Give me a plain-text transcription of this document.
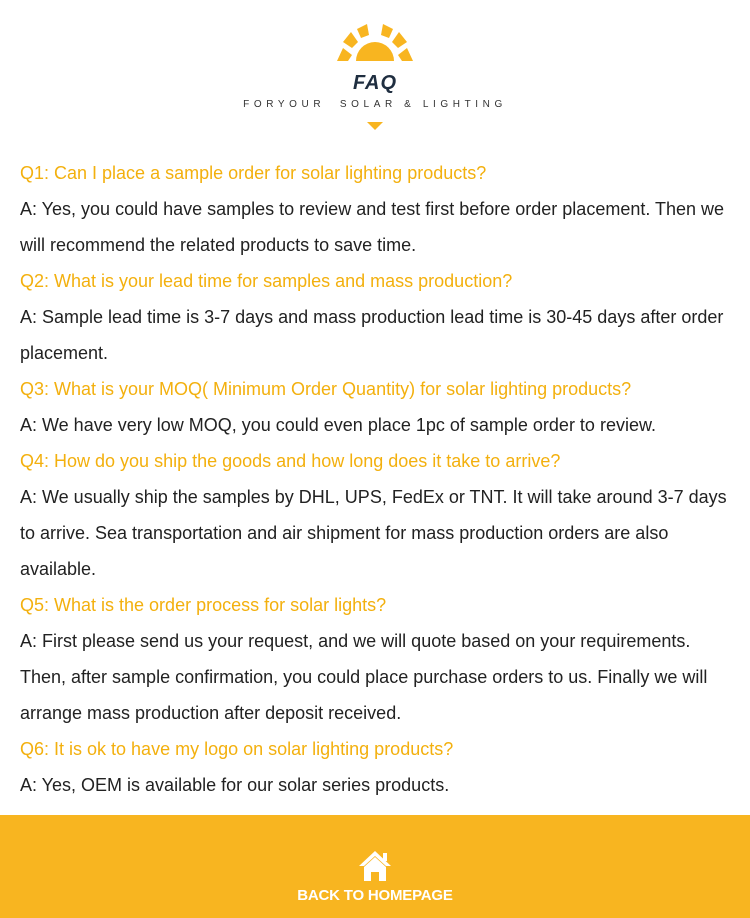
FAQ
FORYOUR  SOLAR & LIGHTING

Q1: Can I place a sample order for solar lighting products?

A: Yes, you could have samples to review and test first before order placement. Then we will recommend the related products to save time.

Q2: What is your lead time for samples and mass production?

A: Sample lead time is 3-7 days and mass production lead time is 30-45 days after order placement.

Q3: What is your MOQ( Minimum Order Quantity) for solar lighting products?

A: We have very low MOQ, you could even place 1pc of sample order to review.

Q4: How do you ship the goods and how long does it take to arrive?

A: We usually ship the samples by DHL, UPS, FedEx or TNT. It will take around 3-7 days to arrive. Sea transportation and air shipment for mass production orders are also available.

Q5: What is the order process for solar lights?

A: First please send us your request, and we will quote based on your requirements. Then, after sample confirmation, you could place purchase orders to us. Finally we will arrange mass production after deposit received.

Q6: It is ok to have my logo on solar lighting products?

A: Yes, OEM is available for our solar series products.

BACK TO HOMEPAGE
